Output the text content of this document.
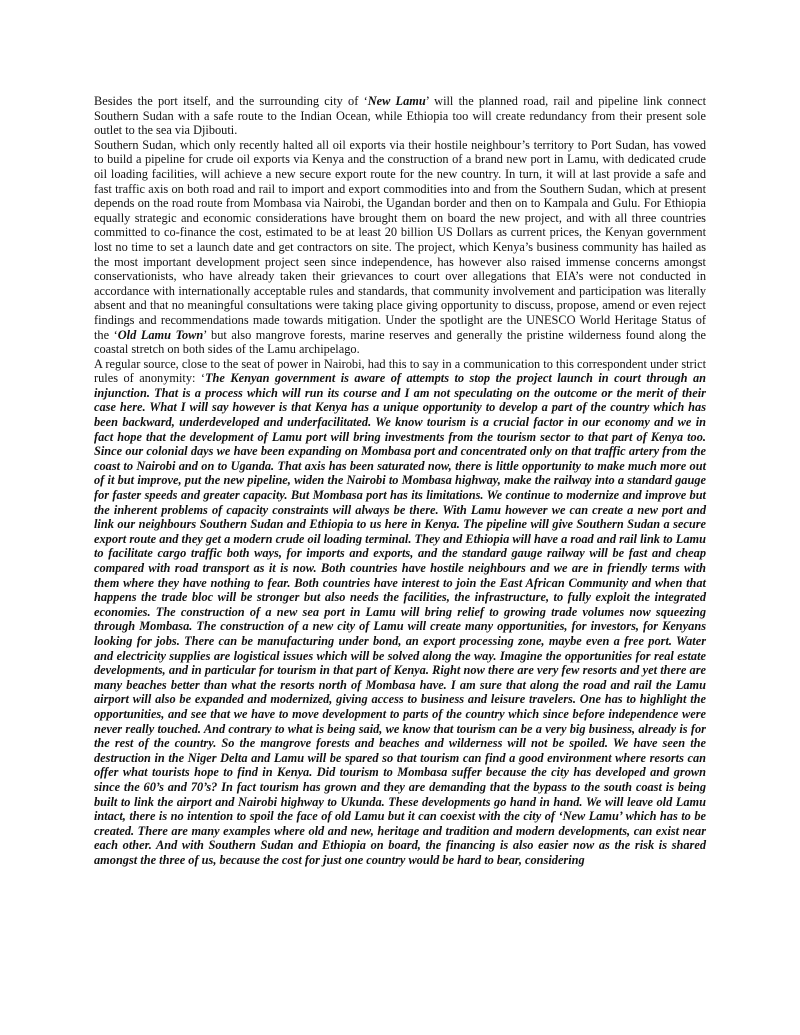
Besides the port itself, and the surrounding city of ‘New Lamu’ will the planned road, rail and pipeline link connect Southern Sudan with a safe route to the Indian Ocean, while Ethiopia too will create redundancy from their present sole outlet to the sea via Djibouti.

Southern Sudan, which only recently halted all oil exports via their hostile neighbour’s territory to Port Sudan, has vowed to build a pipeline for crude oil exports via Kenya and the construction of a brand new port in Lamu, with dedicated crude oil loading facilities, will achieve a new secure export route for the new country. In turn, it will at last provide a safe and fast traffic axis on both road and rail to import and export commodities into and from the Southern Sudan, which at present depends on the road route from Mombasa via Nairobi, the Ugandan border and then on to Kampala and Gulu. For Ethiopia equally strategic and economic considerations have brought them on board the new project, and with all three countries committed to co-finance the cost, estimated to be at least 20 billion US Dollars as current prices, the Kenyan government lost no time to set a launch date and get contractors on site. The project, which Kenya’s business community has hailed as the most important development project seen since independence, has however also raised immense concerns amongst conservationists, who have already taken their grievances to court over allegations that EIA’s were not conducted in accordance with internationally acceptable rules and standards, that community involvement and participation was literally absent and that no meaningful consultations were taking place giving opportunity to discuss, propose, amend or even reject findings and recommendations made towards mitigation. Under the spotlight are the UNESCO World Heritage Status of the ‘Old Lamu Town’ but also mangrove forests, marine reserves and generally the pristine wilderness found along the coastal stretch on both sides of the Lamu archipelago.

A regular source, close to the seat of power in Nairobi, had this to say in a communication to this correspondent under strict rules of anonymity: ‘The Kenyan government is aware of attempts to stop the project launch in court through an injunction. That is a process which will run its course and I am not speculating on the outcome or the merit of their case here. What I will say however is that Kenya has a unique opportunity to develop a part of the country which has been backward, underdeveloped and underfacilitated. We know tourism is a crucial factor in our economy and we in fact hope that the development of Lamu port will bring investments from the tourism sector to that part of Kenya too. Since our colonial days we have been expanding on Mombasa port and concentrated only on that traffic artery from the coast to Nairobi and on to Uganda. That axis has been saturated now, there is little opportunity to make much more out of it but improve, put the new pipeline, widen the Nairobi to Mombasa highway, make the railway into a standard gauge for faster speeds and greater capacity. But Mombasa port has its limitations. We continue to modernize and improve but the inherent problems of capacity constraints will always be there. With Lamu however we can create a new port and link our neighbours Southern Sudan and Ethiopia to us here in Kenya. The pipeline will give Southern Sudan a secure export route and they get a modern crude oil loading terminal. They and Ethiopia will have a road and rail link to Lamu to facilitate cargo traffic both ways, for imports and exports, and the standard gauge railway will be fast and cheap compared with road transport as it is now. Both countries have hostile neighbours and we are in friendly terms with them where they have nothing to fear. Both countries have interest to join the East African Community and when that happens the trade bloc will be stronger but also needs the facilities, the infrastructure, to fully exploit the integrated economies. The construction of a new sea port in Lamu will bring relief to growing trade volumes now squeezing through Mombasa. The construction of a new city of Lamu will create many opportunities, for investors, for Kenyans looking for jobs. There can be manufacturing under bond, an export processing zone, maybe even a free port. Water and electricity supplies are logistical issues which will be solved along the way. Imagine the opportunities for real estate developments, and in particular for tourism in that part of Kenya. Right now there are very few resorts and yet there are many beaches better than what the resorts north of Mombasa have. I am sure that along the road and rail the Lamu airport will also be expanded and modernized, giving access to business and leisure travelers. One has to highlight the opportunities, and see that we have to move development to parts of the country which since before independence were never really touched. And contrary to what is being said, we know that tourism can be a very big business, already is for the rest of the country. So the mangrove forests and beaches and wilderness will not be spoiled. We have seen the destruction in the Niger Delta and Lamu will be spared so that tourism can find a good environment where resorts can offer what tourists hope to find in Kenya. Did tourism to Mombasa suffer because the city has developed and grown since the 60’s and 70’s? In fact tourism has grown and they are demanding that the bypass to the south coast is being built to link the airport and Nairobi highway to Ukunda. These developments go hand in hand. We will leave old Lamu intact, there is no intention to spoil the face of old Lamu but it can coexist with the city of ‘New Lamu’ which has to be created. There are many examples where old and new, heritage and tradition and modern developments, can exist near each other. And with Southern Sudan and Ethiopia on board, the financing is also easier now as the risk is shared amongst the three of us, because the cost for just one country would be hard to bear, considering
